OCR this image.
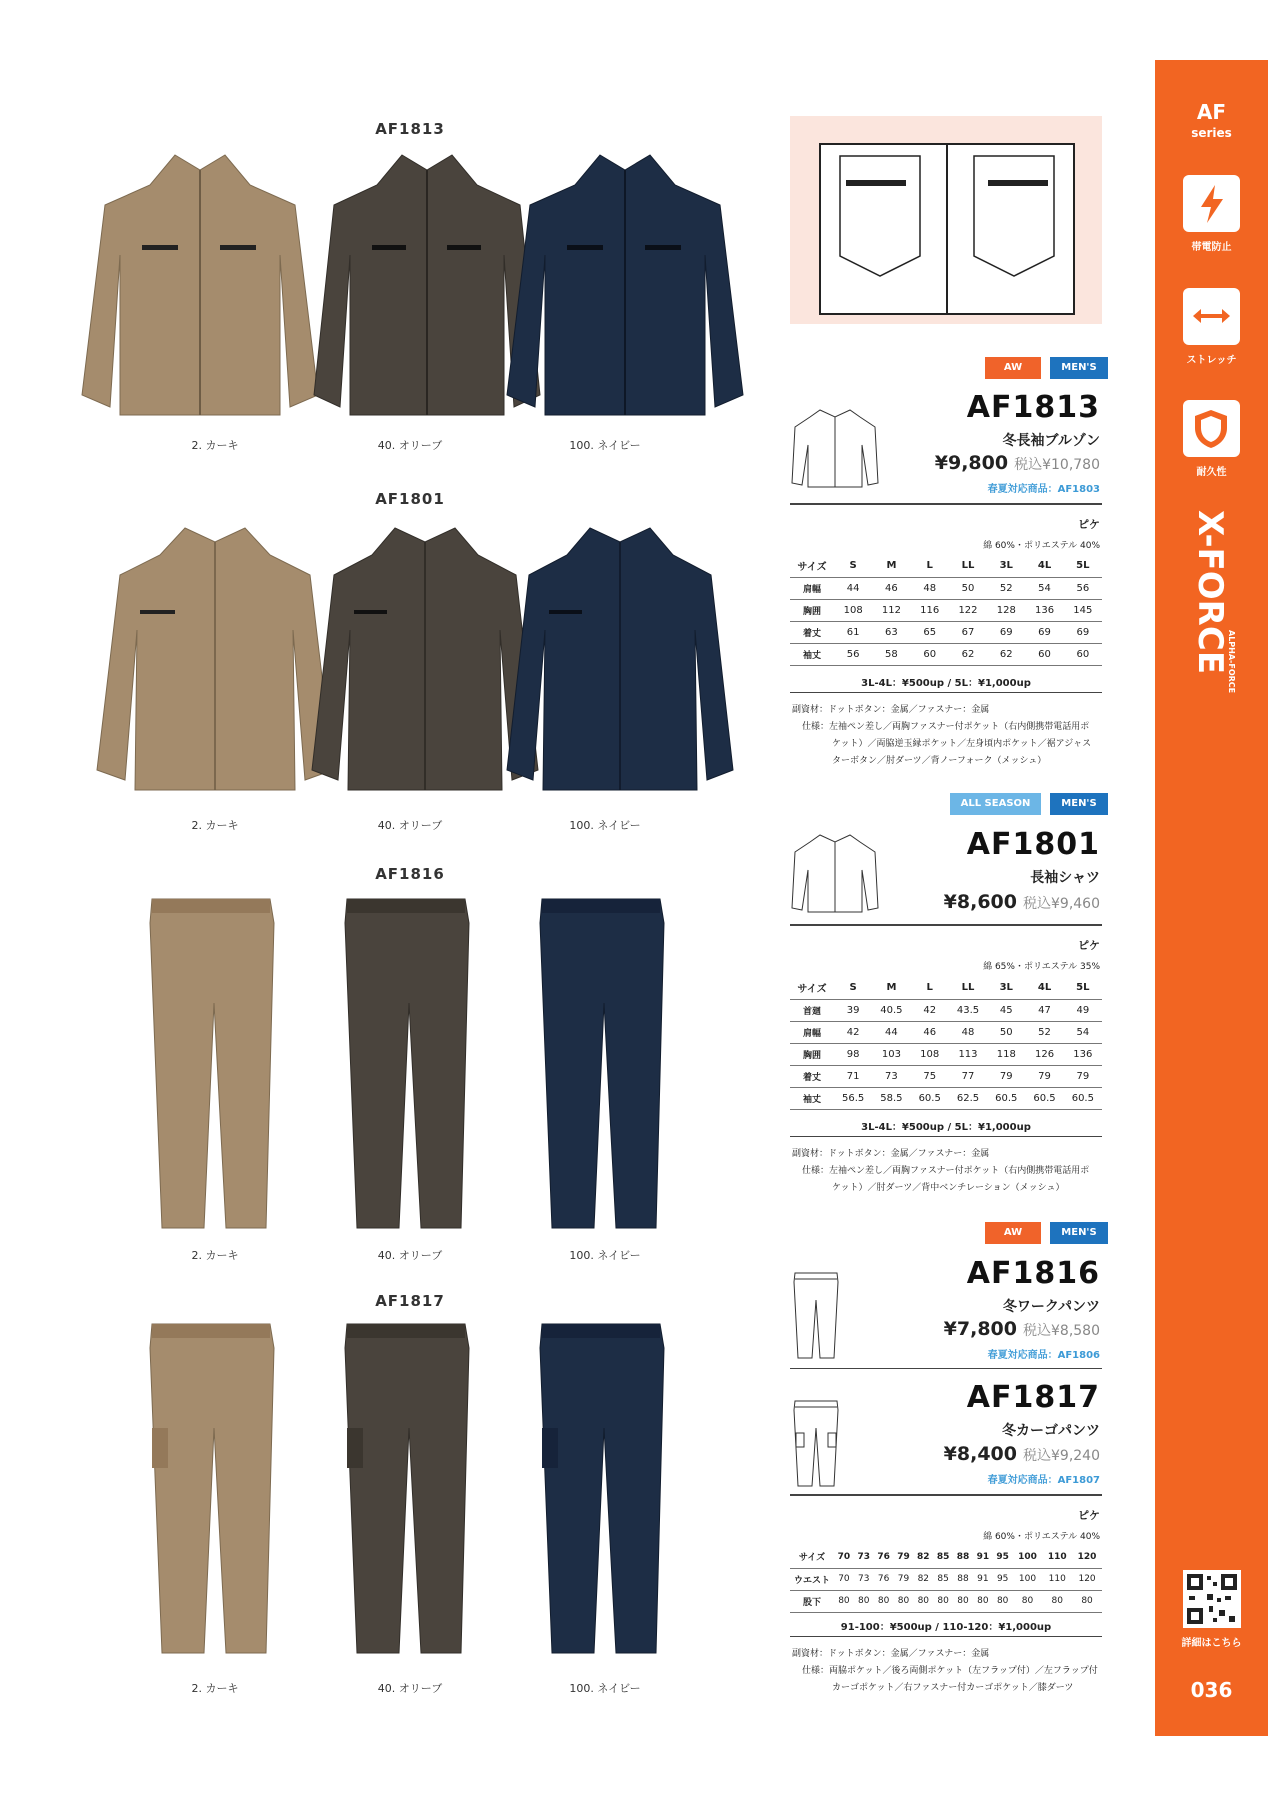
AF1813
2. カーキ	40. オリーブ	100. ネイビー
AF1801
2. カーキ	40. オリーブ	100. ネイビー
AF1816
2. カーキ	40. オリーブ	100. ネイビー
AF1817
2. カーキ	40. オリーブ	100. ネイビー
AW	MEN'S
AF1813
冬長袖ブルゾン
¥9,800 税込¥10,780
春夏対応商品：AF1803
ピケ
綿 60%・ポリエステル 40%
サイズ	S	M	L	LL	3L	4L	5L
肩幅	44	46	48	50	52	54	56
胸囲	108	112	116	122	128	136	145
着丈	61	63	65	67	69	69	69
袖丈	56	58	60	62	62	60	60
3L-4L：¥500up / 5L：¥1,000up
副資材：ドットボタン：金属／ファスナー：金属
仕様：左袖ペン差し／両胸ファスナー付ポケット（右内側携帯電話用ポ
ケット）／両脇逆玉縁ポケット／左身頃内ポケット／裾アジャス
ターボタン／肘ダーツ／背ノーフォーク（メッシュ）
ALL SEASON	MEN'S
AF1801
長袖シャツ
¥8,600 税込¥9,460
ピケ
綿 65%・ポリエステル 35%
サイズ	S	M	L	LL	3L	4L	5L
首廻	39	40.5	42	43.5	45	47	49
肩幅	42	44	46	48	50	52	54
胸囲	98	103	108	113	118	126	136
着丈	71	73	75	77	79	79	79
袖丈	56.5	58.5	60.5	62.5	60.5	60.5	60.5
3L-4L：¥500up / 5L：¥1,000up
副資材：ドットボタン：金属／ファスナー：金属
仕様：左袖ペン差し／両胸ファスナー付ポケット（右内側携帯電話用ポ
ケット）／肘ダーツ／背中ベンチレーション（メッシュ）
AW	MEN'S
AF1816
冬ワークパンツ
¥7,800 税込¥8,580
春夏対応商品：AF1806
AF1817
冬カーゴパンツ
¥8,400 税込¥9,240
春夏対応商品：AF1807
ピケ
綿 60%・ポリエステル 40%
サイズ	70	73	76	79	82	85	88	91	95	100	110	120
ウエスト	70	73	76	79	82	85	88	91	95	100	110	120
股下	80	80	80	80	80	80	80	80	80	80	80	80
91-100：¥500up / 110-120：¥1,000up
副資材：ドットボタン：金属／ファスナー：金属
仕様：両脇ポケット／後ろ両側ポケット（左フラップ付）／左フラップ付
カーゴポケット／右ファスナー付カーゴポケット／膝ダーツ
AF
series
帯電防止
ストレッチ
耐久性
X-FORCE
ALPHA-FORCE
詳細はこちら
036
